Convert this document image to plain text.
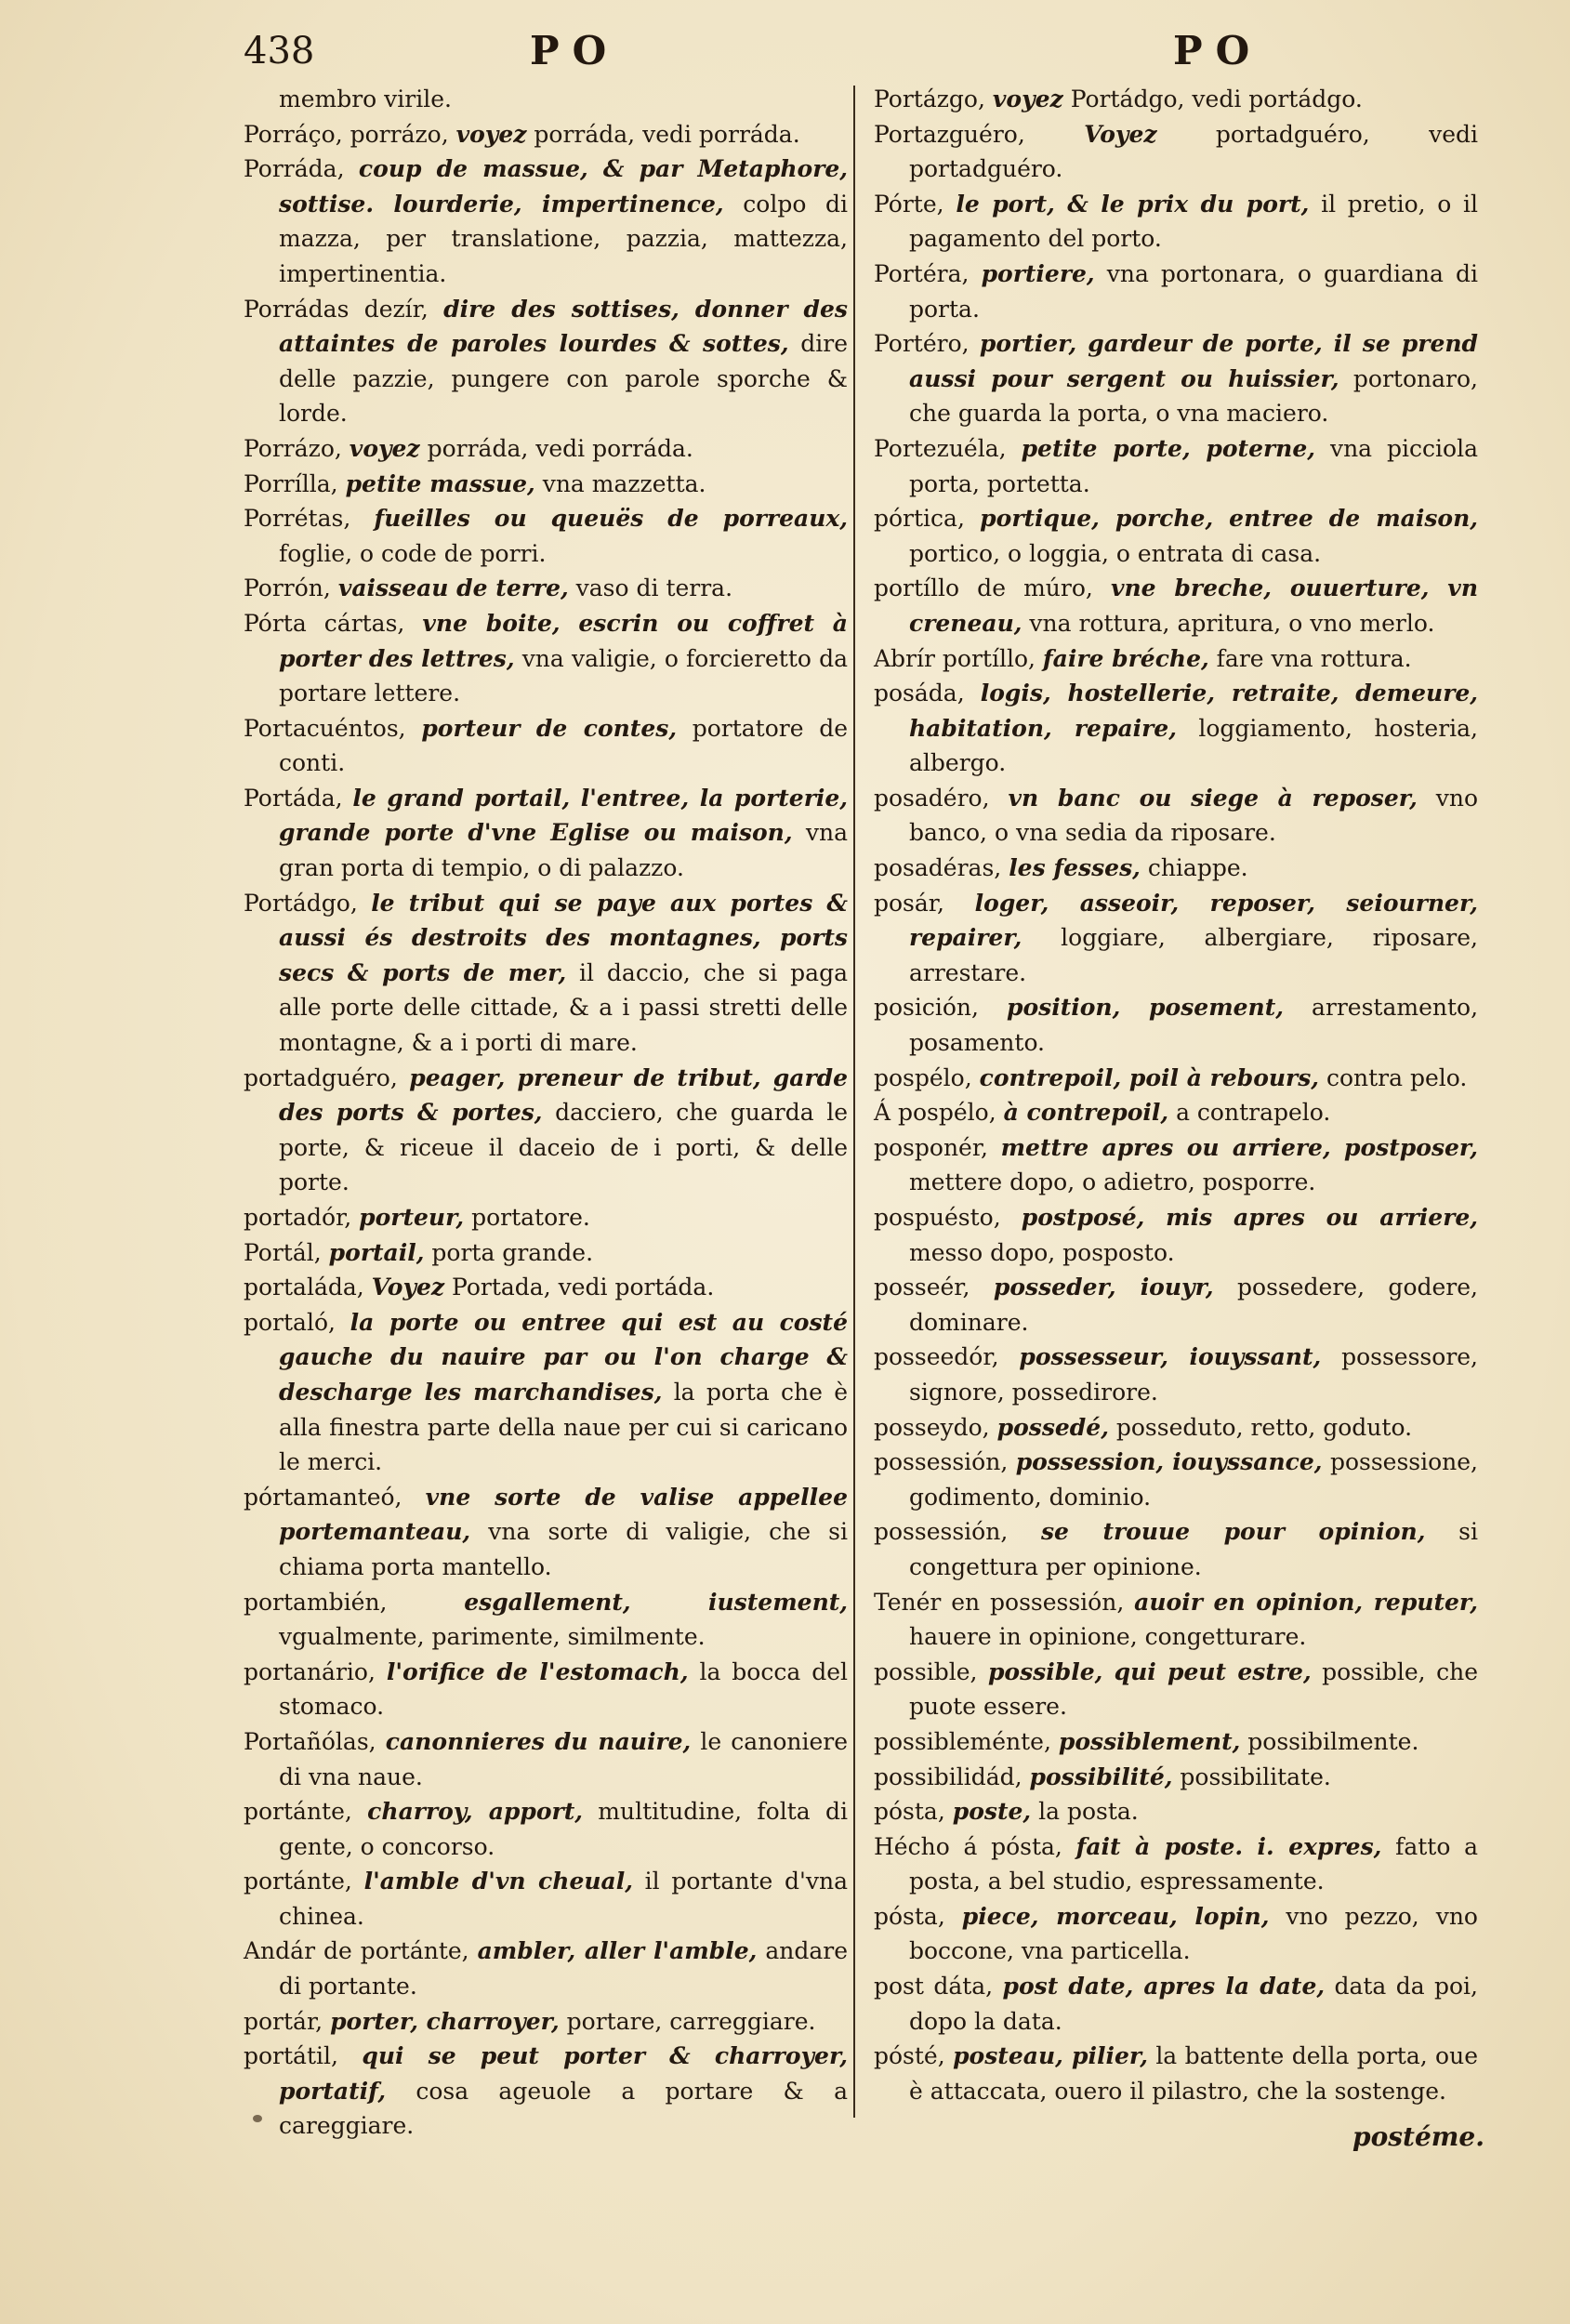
438	PO	PO

membro virile.

Porráço, porrázo, voyez porráda, vedi porráda.

Porráda, coup de massue, & par Metaphore, sottise. lourderie, impertinence, colpo di mazza, per translatione, pazzia, mattezza, impertinentia.

Porrádas dezír, dire des sottises, donner des attaintes de paroles lourdes & sottes, dire delle pazzie, pungere con parole sporche & lorde.

Porrázo, voyez porráda, vedi porráda.

Porrílla, petite massue, vna mazzetta.

Porrétas, fueilles ou queuës de porreaux, foglie, o code de porri.

Porrón, vaisseau de terre, vaso di terra.

Pórta cártas, vne boite, escrin ou coffret à porter des lettres, vna valigie, o forcieretto da portare lettere.

Portacuéntos, porteur de contes, portatore de conti.

Portáda, le grand portail, l'entree, la porterie, grande porte d'vne Eglise ou maison, vna gran porta di tempio, o di palazzo.

Portádgo, le tribut qui se paye aux portes & aussi és destroits des montagnes, ports secs & ports de mer, il daccio, che si paga alle porte delle cittade, & a i passi stretti delle montagne, & a i porti di mare.

portadguéro, peager, preneur de tribut, garde des ports & portes, dacciero, che guarda le porte, & riceue il daceio de i porti, & delle porte.

portadór, porteur, portatore.

Portál, portail, porta grande.

portaláda, Voyez Portada, vedi portáda.

portaló, la porte ou entree qui est au costé gauche du nauire par ou l'on charge & descharge les marchandises, la porta che è alla finestra parte della naue per cui si caricano le merci.

pórtamanteó, vne sorte de valise appellee portemanteau, vna sorte di valigie, che si chiama porta mantello.

portambién,	esgallement, iustement, vgualmente, parimente, similmente.

portanário, l'orifice de l'estomach, la bocca del stomaco.

Portañólas, canonnieres du nauire, le canoniere di vna naue.

portánte, charroy, apport, multitudine, folta di gente, o concorso.

portánte, l'amble d'vn cheual, il portante d'vna chinea.

Andár de portánte, ambler, aller l'amble, andare di portante.

portár, porter, charroyer, portare, carreggiare.

portátil, qui se peut porter & charroyer, portatif, cosa ageuole a portare & a careggiare.

Portázgo, voyez Portádgo, vedi portádgo.

Portazguéro,	Voyez	portadguéro, vedi portadguéro.

Pórte, le port, & le prix du port, il pretio, o il pagamento del porto.

Portéra, portiere, vna portonara, o guardiana di porta.

Portéro, portier, gardeur de porte, il se prend aussi pour sergent ou huissier, portonaro, che guarda la porta, o vna maciero.

Portezuéla, petite porte, poterne, vna picciola porta, portetta.

pórtica, portique, porche, entree de maison, portico, o loggia, o entrata di casa.

portíllo de múro, vne breche, ouuerture, vn creneau, vna rottura, apritura, o vno merlo.

Abrír portíllo, faire bréche, fare vna rottura.

posáda, logis, hostellerie, retraite, demeure, habitation, repaire, loggiamento, hosteria, albergo.

posadéro, vn banc ou siege à reposer, vno banco, o vna sedia da riposare.

posadéras, les fesses, chiappe.

posár, loger, asseoir, reposer, seiourner, repairer, loggiare, albergiare, riposare, arrestare.

posición, position, posement, arrestamento, posamento.

pospélo, contrepoil, poil à rebours, contra pelo.

Á pospélo, à contrepoil, a contrapelo.

posponér, mettre apres ou arriere, postposer, mettere dopo, o adietro, posporre.

pospuésto, postposé, mis apres ou arriere, messo dopo, posposto.

posseér, posseder, iouyr, possedere, godere, dominare.

posseedór, possesseur, iouyssant, possessore, signore, possedirore.

posseydo, possedé, posseduto, retto, goduto.

possessión, possession, iouyssance, possessione, godimento, dominio.

possessión, se trouue pour opinion, si congettura per opinione.

Tenér en possessión, auoir en opinion, reputer, hauere in opinione, congetturare.

possible, possible, qui peut estre, possible, che puote essere.

possibleménte, possiblement, possibilmente.

possibilidád, possibilité, possibilitate.

pósta, poste, la posta.

Hécho á pósta, fait à poste. i. expres, fatto a posta, a bel studio, espressamente.

pósta, piece, morceau, lopin, vno pezzo, vno boccone, vna particella.

post dáta, post date, apres la date, data da poi, dopo la data.

pósté, posteau, pilier, la battente della porta, oue è attaccata, ouero il pilastro, che la sostenge.

postéme.
